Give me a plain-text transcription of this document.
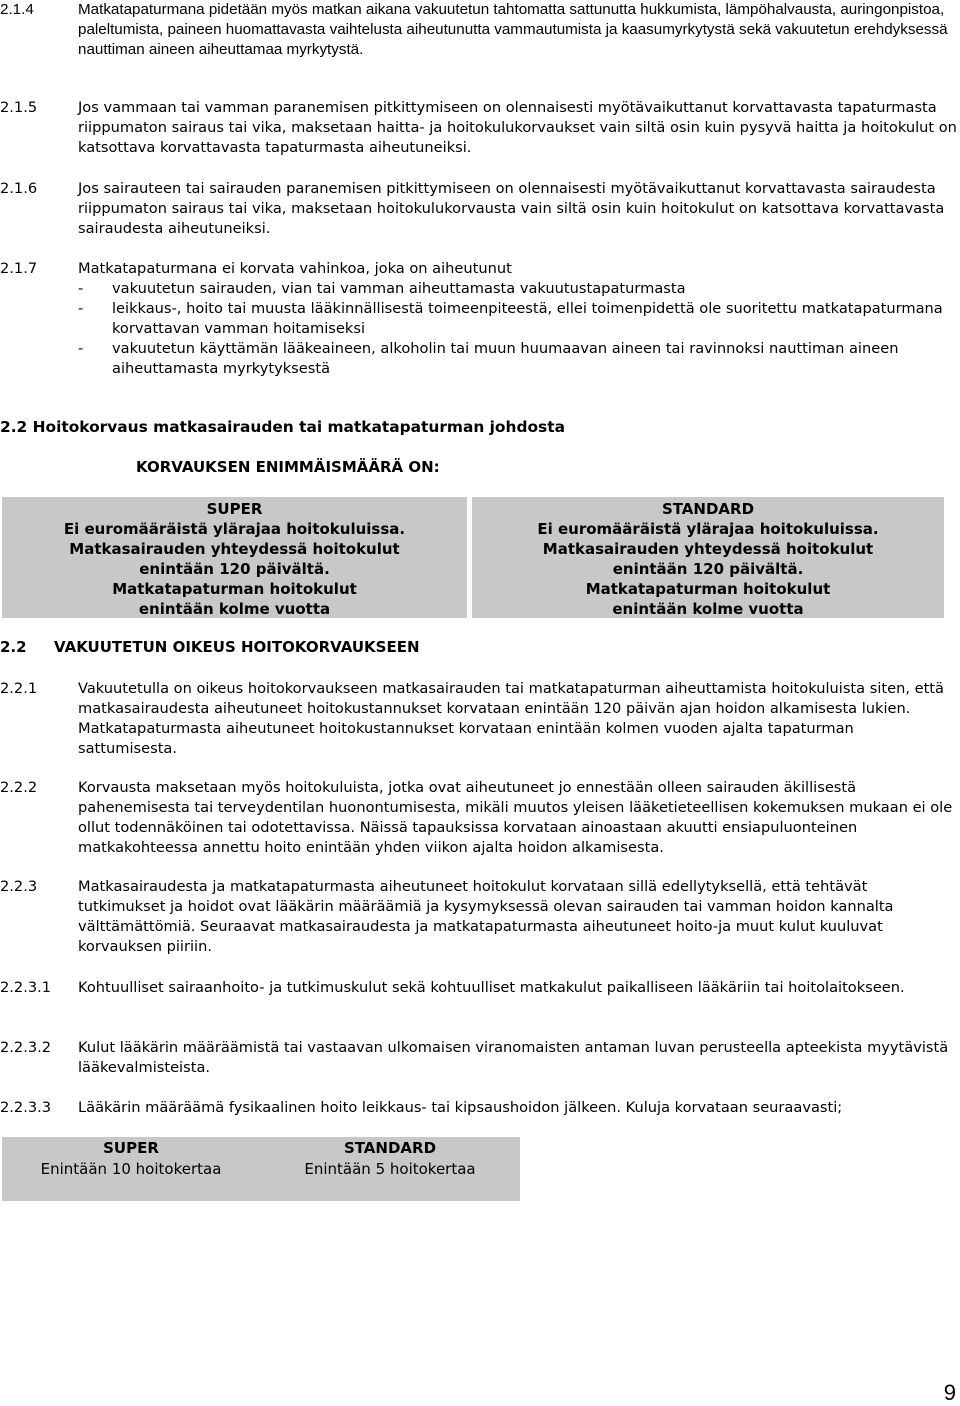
2.1.4	Matkatapaturmana pidetään myös matkan aikana vakuutetun tahtomatta sattunutta hukkumista, lämpöhalvausta, auringonpistoa, paleltumista, paineen huomattavasta vaihtelusta aiheutunutta vammautumista ja kaasumyrkytystä sekä vakuutetun erehdyksessä nauttiman aineen aiheuttamaa myrkytystä.
2.1.5	Jos vammaan tai vamman paranemisen pitkittymiseen on olennaisesti myötävaikuttanut korvattavasta tapaturmasta riippumaton sairaus tai vika, maksetaan haitta- ja hoitokulukorvaukset vain siltä osin kuin pysyvä haitta ja hoitokulut on katsottava korvattavasta tapaturmasta aiheutuneiksi.
2.1.6	Jos sairauteen tai sairauden paranemisen pitkittymiseen on olennaisesti myötävaikuttanut korvattavasta sairaudesta riippumaton sairaus tai vika, maksetaan hoitokulukorvausta vain siltä osin kuin hoitokulut on katsottava korvattavasta sairaudesta aiheutuneiksi.
2.1.7	Matkatapaturmana ei korvata vahinkoa, joka on aiheutunut
- vakuutetun sairauden, vian tai vamman aiheuttamasta vakuutustapaturmasta
- leikkaus-, hoito tai muusta lääkinnällisestä toimeenpiteestä, ellei toimenpidettä ole suoritettu matkatapaturmana korvattavan vamman hoitamiseksi
- vakuutetun käyttämän lääkeaineen, alkoholin tai muun huumaavan aineen tai ravinnoksi nauttiman aineen aiheuttamasta myrkytyksestä
2.2 Hoitokorvaus matkasairauden tai matkatapaturman johdosta
KORVAUKSEN ENIMMÄISMÄÄRÄ ON:
SUPER
Ei euromääräistä ylärajaa hoitokuluissa.
Matkasairauden yhteydessä hoitokulut
enintään 120 päivältä.
Matkatapaturman hoitokulut
enintään kolme vuotta
STANDARD
Ei euromääräistä ylärajaa hoitokuluissa.
Matkasairauden yhteydessä hoitokulut
enintään 120 päivältä.
Matkatapaturman hoitokulut
enintään kolme vuotta
2.2 VAKUUTETUN OIKEUS HOITOKORVAUKSEEN
2.2.1	Vakuutetulla on oikeus hoitokorvaukseen matkasairauden tai matkatapaturman aiheuttamista hoitokuluista siten, että matkasairaudesta aiheutuneet hoitokustannukset korvataan enintään 120 päivän ajan hoidon alkamisesta lukien. Matkatapaturmasta aiheutuneet hoitokustannukset korvataan enintään kolmen vuoden ajalta tapaturman sattumisesta.
2.2.2	Korvausta maksetaan myös hoitokuluista, jotka ovat aiheutuneet jo ennestään olleen sairauden äkillisestä pahenemisesta tai terveydentilan huonontumisesta, mikäli muutos yleisen lääketieteellisen kokemuksen mukaan ei ole ollut todennäköinen tai odotettavissa. Näissä tapauksissa korvataan ainoastaan akuutti ensiapuluonteinen matkakohteessa annettu hoito enintään yhden viikon ajalta hoidon alkamisesta.
2.2.3	Matkasairaudesta ja matkatapaturmasta aiheutuneet hoitokulut korvataan sillä edellytyksellä, että tehtävät tutkimukset ja hoidot ovat lääkärin määräämiä ja kysymyksessä olevan sairauden tai vamman hoidon kannalta välttämättömiä. Seuraavat matkasairaudesta ja matkatapaturmasta aiheutuneet hoito-ja muut kulut kuuluvat korvauksen piiriin.
2.2.3.1 Kohtuulliset sairaanhoito- ja tutkimuskulut sekä kohtuulliset matkakulut paikalliseen lääkäriin tai hoitolaitokseen.
2.2.3.2 Kulut lääkärin määräämistä tai vastaavan ulkomaisen viranomaisten antaman luvan perusteella apteekista myytävistä lääkevalmisteista.
2.2.3.3 Lääkärin määräämä fysikaalinen hoito leikkaus- tai kipsaushoidon jälkeen. Kuluja korvataan seuraavasti;
SUPER
Enintään 10 hoitokertaa
STANDARD
Enintään 5 hoitokertaa
9
